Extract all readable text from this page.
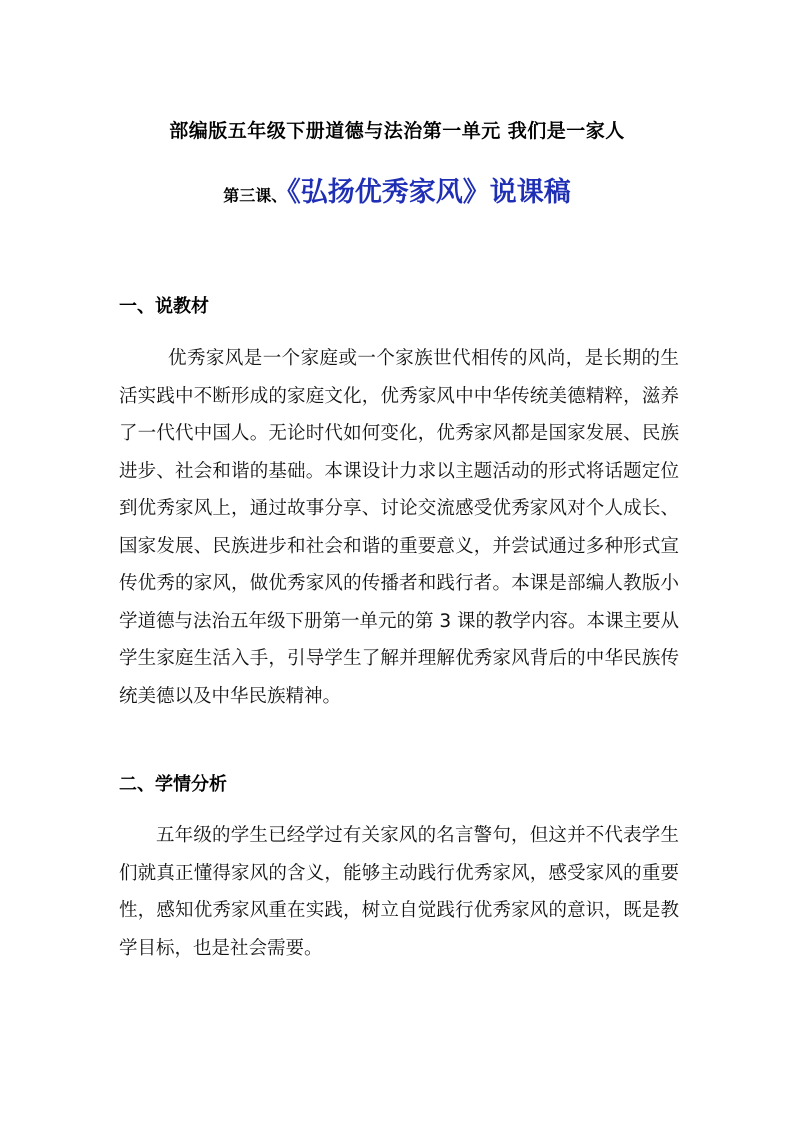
部编版五年级下册道德与法治第一单元 我们是一家人
第三课、《弘扬优秀家风》说课稿
一、说教材
优秀家风是一个家庭或一个家族世代相传的风尚，是长期的生
活实践中不断形成的家庭文化，优秀家风中中华传统美德精粹，滋养
了一代代中国人。无论时代如何变化，优秀家风都是国家发展、民族
进步、社会和谐的基础。本课设计力求以主题活动的形式将话题定位
到优秀家风上，通过故事分享、讨论交流感受优秀家风对个人成长、
国家发展、民族进步和社会和谐的重要意义，并尝试通过多种形式宣
传优秀的家风，做优秀家风的传播者和践行者。本课是部编人教版小
学道德与法治五年级下册第一单元的第 3 课的教学内容。本课主要从
学生家庭生活入手，引导学生了解并理解优秀家风背后的中华民族传
统美德以及中华民族精神。
二、学情分析
五年级的学生已经学过有关家风的名言警句，但这并不代表学生
们就真正懂得家风的含义，能够主动践行优秀家风，感受家风的重要
性，感知优秀家风重在实践，树立自觉践行优秀家风的意识，既是教
学目标，也是社会需要。
